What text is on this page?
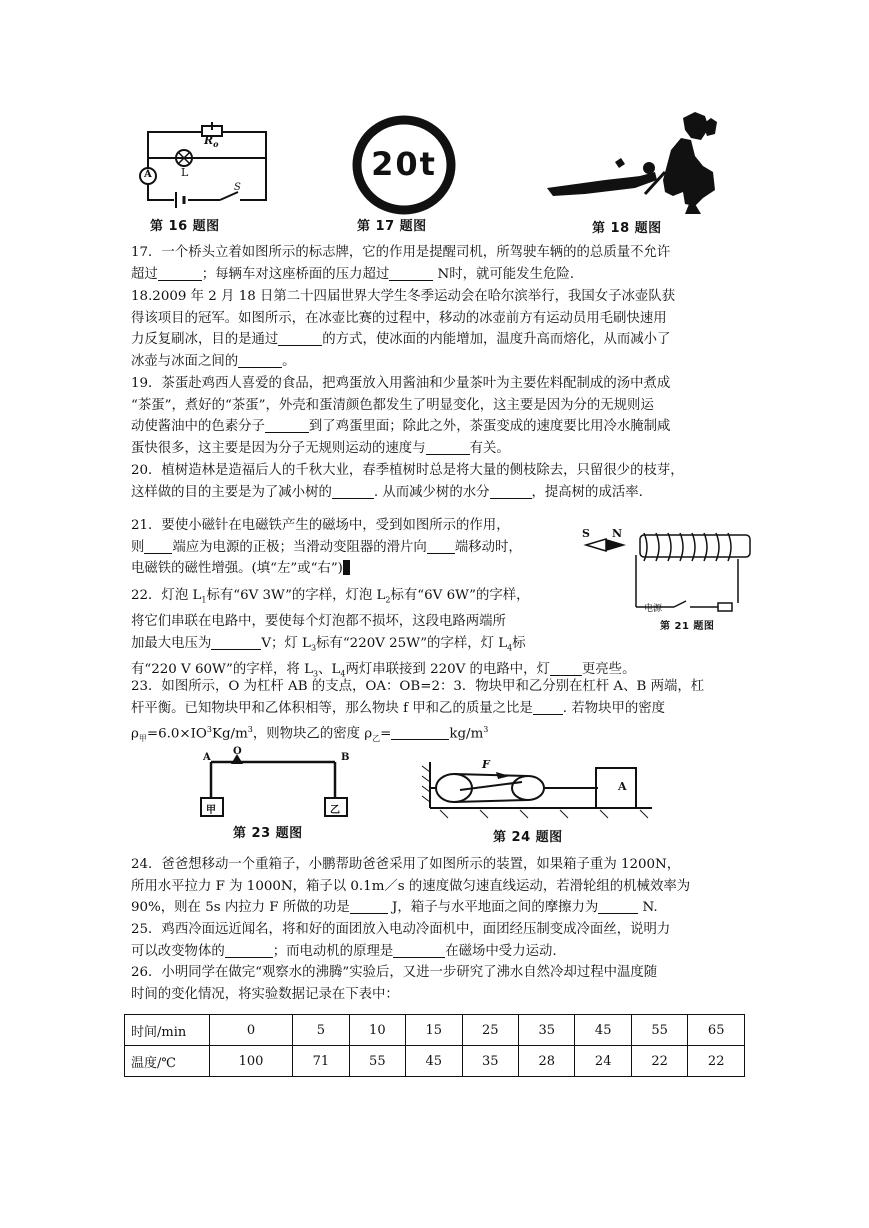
$R_o$
L
A
S
第 16 题图
20t
第 17 题图	第 18 题图
17．一个桥头立着如图所示的标志牌，它的作用是提醒司机，所驾驶车辆的的总质量不允许
超过	；每辆车对这座桥面的压力超过	N时，就可能发生危险.
18.2009 年 2 月 18 日第二十四届世界大学生冬季运动会在哈尔滨举行，我国女子冰壶队获
得该项目的冠军。如图所示，在冰壶比赛的过程中，移动的冰壶前方有运动员用毛刷快速用
力反复刷冰，目的是通过	的方式，使冰面的内能增加，温度升高而熔化，从而减小了
冰壶与冰面之间的	。
19．茶蛋赴鸡西人喜爱的食品，把鸡蛋放入用酱油和少量茶叶为主要佐料配制成的汤中煮成
“茶蛋”，煮好的“茶蛋”，外壳和蛋清颜色都发生了明显变化，这主要是因为分的无规则运
动使酱油中的色素分子	到了鸡蛋里面；除此之外，茶蛋变成的速度要比用冷水腌制咸
蛋快很多，这主要是因为分子无规则运动的速度与	有关。
20．植树造林是造福后人的千秋大业，春季植树时总是将大量的侧枝除去，只留很少的枝芽，
这样做的目的主要是为了减小树的	. 从而减少树的水分	，提高树的成活率.
21．要使小磁针在电磁铁产生的磁场中，受到如图所示的作用，
则 端应为电源的正极；当滑动变阻器的滑片向 端移动时，
电磁铁的磁性增强。(填“左”或“右”)
S N
电源
第 21 题图
22．灯泡 $L_1$标有“6V 3W”的字样，灯泡 $L_2$标有“6V 6W”的字样，
将它们串联在电路中，要使每个灯泡都不损坏，这段电路两端所
加最大电压为	V；灯 $L_3$标有“220V 25W”的字样，灯 $L_4$标
有“220 V 60W”的字样，将 $L_3$、$L_4$两灯串联接到 220V 的电路中，灯 更亮些。
23．如图所示，O 为杠杆 AB 的支点，OA：OB=2：3．物块甲和乙分别在杠杆 A、B 两端，杠
杆平衡。已知物块甲和乙体积相等，那么物块 f 甲和乙的质量之比是 . 若物块甲的密度
$\rho_甲=6.0\times IO^3Kg/m^3$，则物块乙的密度 $\rho_乙=$	$kg/m^3$
A
O
B
甲	乙
第 23 题图
F
A
第 24 题图
24．爸爸想移动一个重箱子，小鹏帮助爸爸采用了如图所示的装置，如果箱子重为 1200N，
所用水平拉力 F 为 1000N，箱子以 0.1m／s 的速度做匀速直线运动，若滑轮组的机械效率为
90%，则在 5s 内拉力 F 所做的功是	J，箱子与水平地面之间的摩擦力为	N.
25．鸡西冷面远近闻名，将和好的面团放入电动冷面机中，面团经压制变成冷面丝，说明力
可以改变物体的	；而电动机的原理是	在磁场中受力运动.
26．小明同学在做完“观察水的沸腾”实验后，又进一步研究了沸水自然冷却过程中温度随
时间的变化情况，将实验数据记录在下表中：
时间/min	0	5	10	15	25	35	45	55	65
温度/℃	100	71	55	45	35	28	24	22	22
